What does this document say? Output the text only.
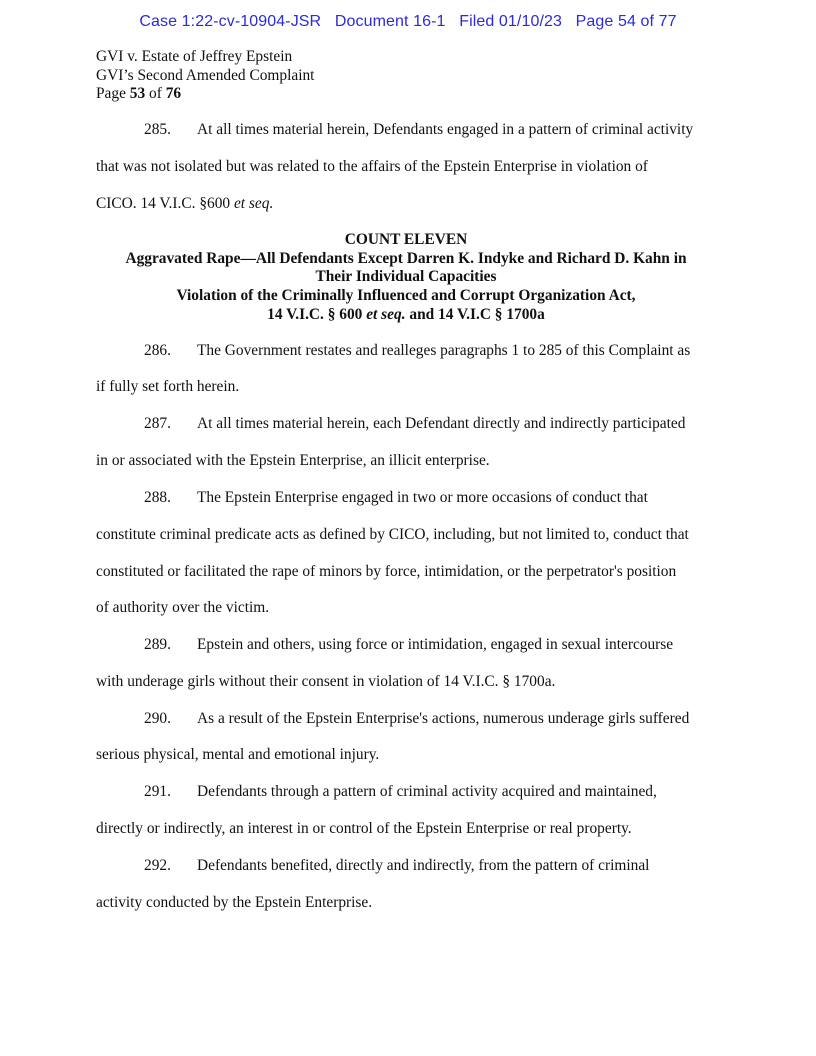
Case 1:22-cv-10904-JSR Document 16-1 Filed 01/10/23 Page 54 of 77
GVI v. Estate of Jeffrey Epstein
GVI’s Second Amended Complaint
Page 53 of 76
285. At all times material herein, Defendants engaged in a pattern of criminal activity
that was not isolated but was related to the affairs of the Epstein Enterprise in violation of
CICO. 14 V.I.C. §600 et seq.
286. The Government restates and realleges paragraphs 1 to 285 of this Complaint as
if fully set forth herein.
287. At all times material herein, each Defendant directly and indirectly participated
in or associated with the Epstein Enterprise, an illicit enterprise.
288. The Epstein Enterprise engaged in two or more occasions of conduct that
constitute criminal predicate acts as defined by CICO, including, but not limited to, conduct that
constituted or facilitated the rape of minors by force, intimidation, or the perpetrator's position
of authority over the victim.
289. Epstein and others, using force or intimidation, engaged in sexual intercourse
with underage girls without their consent in violation of 14 V.I.C. § 1700a.
290. As a result of the Epstein Enterprise's actions, numerous underage girls suffered
serious physical, mental and emotional injury.
291. Defendants through a pattern of criminal activity acquired and maintained,
directly or indirectly, an interest in or control of the Epstein Enterprise or real property.
292. Defendants benefited, directly and indirectly, from the pattern of criminal
activity conducted by the Epstein Enterprise.
COUNT ELEVEN
Aggravated Rape—All Defendants Except Darren K. Indyke and Richard D. Kahn in
Their Individual Capacities
Violation of the Criminally Influenced and Corrupt Organization Act,
14 V.I.C. § 600 et seq. and 14 V.I.C § 1700a
